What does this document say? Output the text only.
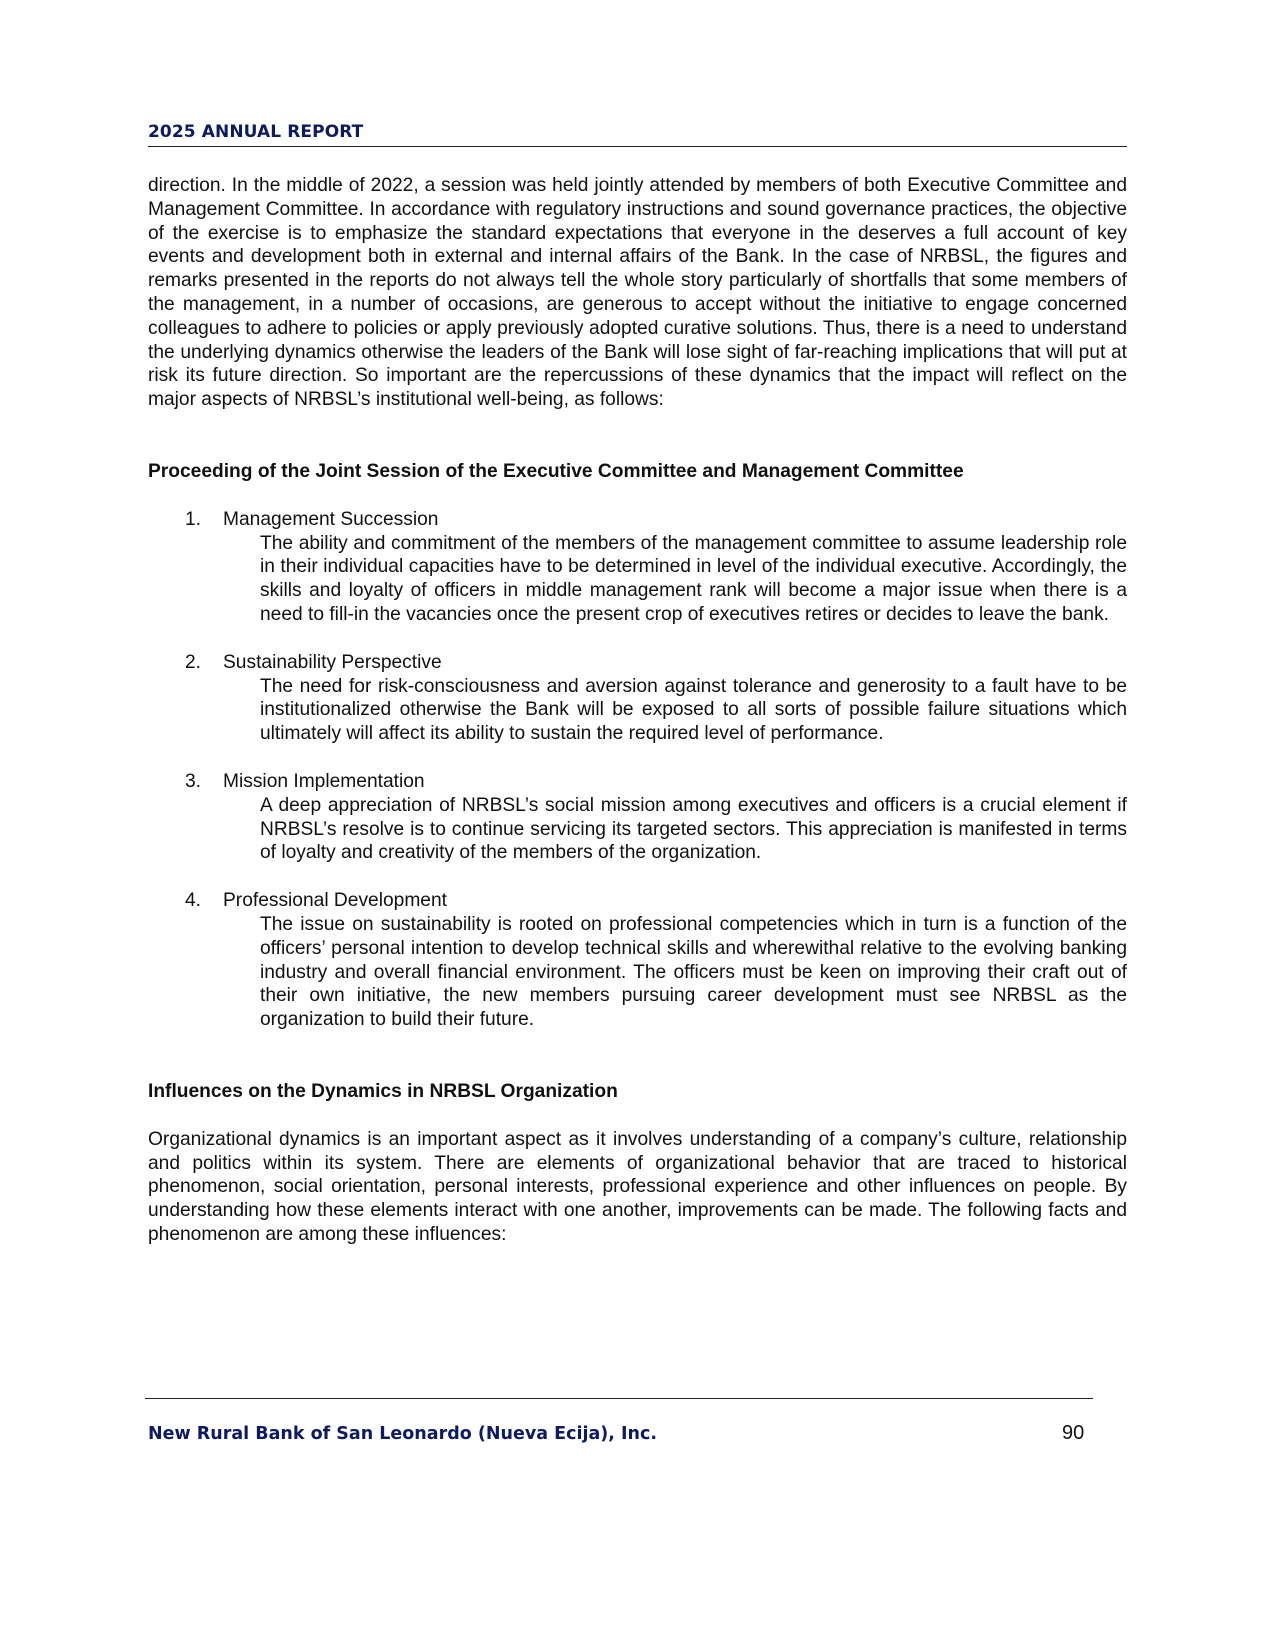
2025 ANNUAL REPORT

direction. In the middle of 2022, a session was held jointly attended by members of both Executive Committee and Management Committee. In accordance with regulatory instructions and sound governance practices, the objective of the exercise is to emphasize the standard expectations that everyone in the deserves a full account of key events and development both in external and internal affairs of the Bank. In the case of NRBSL, the figures and remarks presented in the reports do not always tell the whole story particularly of shortfalls that some members of the management, in a number of occasions, are generous to accept without the initiative to engage concerned colleagues to adhere to policies or apply previously adopted curative solutions. Thus, there is a need to understand the underlying dynamics otherwise the leaders of the Bank will lose sight of far-reaching implications that will put at risk its future direction. So important are the repercussions of these dynamics that the impact will reflect on the major aspects of NRBSL’s institutional well-being, as follows:

Proceeding of the Joint Session of the Executive Committee and Management Committee

1. Management Succession
The ability and commitment of the members of the management committee to assume leadership role in their individual capacities have to be determined in level of the individual executive. Accordingly, the skills and loyalty of officers in middle management rank will become a major issue when there is a need to fill-in the vacancies once the present crop of executives retires or decides to leave the bank.
2. Sustainability Perspective
The need for risk-consciousness and aversion against tolerance and generosity to a fault have to be institutionalized otherwise the Bank will be exposed to all sorts of possible failure situations which ultimately will affect its ability to sustain the required level of performance.
3. Mission Implementation
A deep appreciation of NRBSL’s social mission among executives and officers is a crucial element if NRBSL’s resolve is to continue servicing its targeted sectors. This appreciation is manifested in terms of loyalty and creativity of the members of the organization.
4. Professional Development
The issue on sustainability is rooted on professional competencies which in turn is a function of the officers’ personal intention to develop technical skills and wherewithal relative to the evolving banking industry and overall financial environment. The officers must be keen on improving their craft out of their own initiative, the new members pursuing career development must see NRBSL as the organization to build their future.

Influences on the Dynamics in NRBSL Organization

Organizational dynamics is an important aspect as it involves understanding of a company’s culture, relationship and politics within its system. There are elements of organizational behavior that are traced to historical phenomenon, social orientation, personal interests, professional experience and other influences on people. By understanding how these elements interact with one another, improvements can be made. The following facts and phenomenon are among these influences:

New Rural Bank of San Leonardo (Nueva Ecija), Inc.	90
